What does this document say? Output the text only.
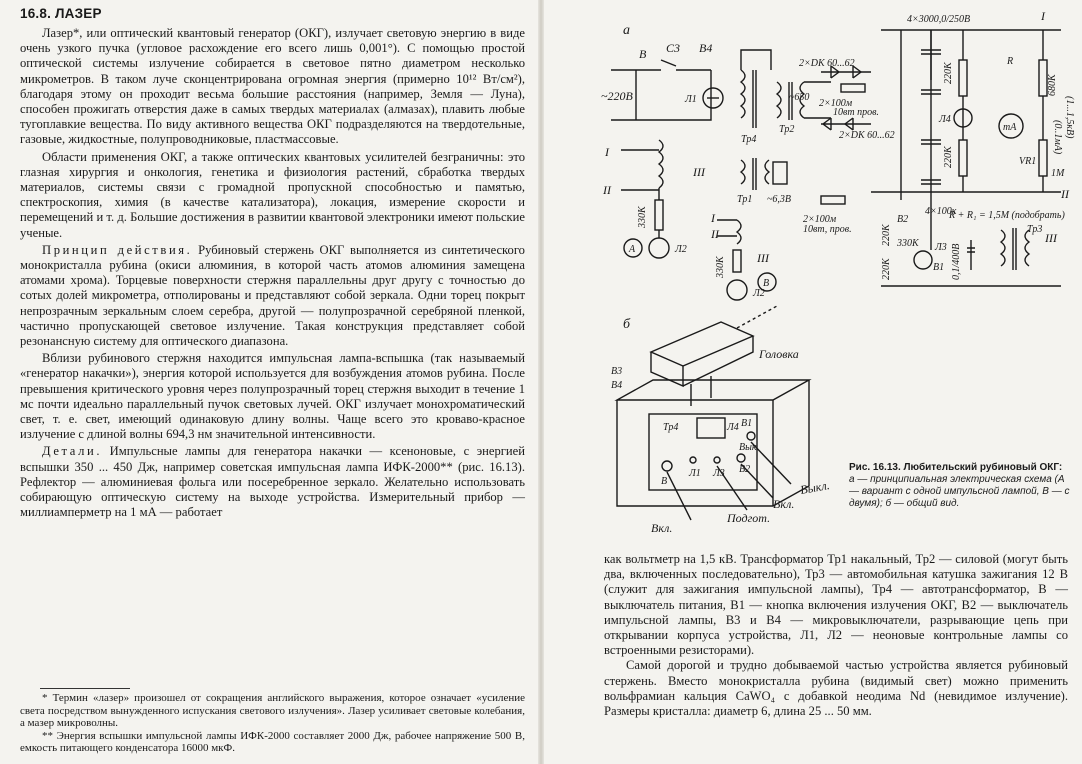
16.8. ЛАЗЕР

Лазер*, или оптический квантовый генератор (ОКГ), излучает световую энергию в виде очень узкого пучка (угловое расхождение его всего лишь 0,001°). С помощью простой оптической системы излучение собирается в световое пятно диаметром несколько микрометров. В таком луче сконцентрирована огромная энергия (примерно 10¹² Вт/см²), благодаря этому он проходит весьма большие расстояния (например, Земля — Луна), способен прожигать отверстия даже в самых твердых материалах (алмазах), плавить любые тугоплавкие вещества. По виду активного вещества ОКГ подразделяются на твердотельные, газовые, жидкостные, полупроводниковые, пластмассовые.

Области применения ОКГ, а также оптических квантовых усилителей безграничны: это глазная хирургия и онкология, генетика и физиология растений, сбработка твердых материалов, системы связи с громадной пропускной способностью и памятью, спектроскопия, химия (в качестве катализатора), локация, измерение скорости и перемещений и т. д. Большие достижения в развитии квантовой электроники имеют польские ученые.

Принцип действия. Рубиновый стержень ОКГ выполняется из синтетического монокристалла рубина (окиси алюминия, в которой часть атомов алюминия замещена атомами хрома). Торцевые поверхности стержня параллельны друг другу с точностью до сотых долей микрометра, отполированы и представляют собой зеркала. Одни торец покрыт непрозрачным зеркальным слоем серебра, другой — полупрозрачной серебряной пленкой, частично пропускающей световое излучение. Такая конструкция представляет собой резонансную систему для оптического диапазона.

Вблизи рубинового стержня находится импульсная лампа-вспышка (так называемый «генератор накачки»), энергия которой используется для возбуждения атомов рубина. После превышения критического уровня через полупрозрачный торец стержня выходит в течение 1 мс почти идеально параллельный пучок световых лучей. ОКГ излучает монохроматический свет, т. е. свет, имеющий одинаковую длину волны. Чаще всего это кроваво-красное излучение с длиной волны 694,3 нм значительной интенсивности.

Детали. Импульсные лампы для генератора накачки — ксеноновые, с энергией вспышки 350 ... 450 Дж, например советская импульсная лампа ИФК-2000** (рис. 16.13). Рефлектор — алюминиевая фольга или посеребренное зеркало. Желательно использовать собирающую оптическую систему на выходе устройства. Измерительный прибор — миллиамперметр на 1 мА — работает

* Термин «лазер» произошел от сокращения английского выражения, которое означает «усиление света посредством вынужденного испускания светового излучения». Лазер усиливает световые колебания, а мазер микроволны.

** Энергия вспышки импульсной лампы ИФК-2000 составляет 2000 Дж, рабочее напряжение 500 В, емкость питающего конденсатора 16000 мкФ.

а
~220В
В С3 В4
Л1
Тр4
Тр2
~650
2×DK 60...62
2×100м
10вт пров.
2×DK 60...62
Тр1 ~6,3В
2×100м
10вт, пров.
4×3000,0/250В	I
220К
220К
R
680К
Л4
mA	(0..1мА) (1...1,5кВ)
VR1
1М
II
4×100к
R + R₁ = 1,5М (подобрать)
220К
220К
В2
330К Л3
В1
Тр3
0,1/400В
III
I
II
III
330К
Л2
А
I
II
III
330К
Л2
В
б
Головка
В3
В4
Тр4	Л4 В1
Вык
Л1 Л3 В2
В
Вкл.
Подгот.
Вкл.
Выкл.
Рис. 16.13. Любительский рубиновый ОКГ:
а — принципиальная электрическая схема (А — вариант с одной импульсной лампой, В — с двумя); б — общий вид.

как вольтметр на 1,5 кВ. Трансформатор Тр1 накальный, Тр2 — силовой (могут быть два, включенных последовательно), Тр3 — автомобильная катушка зажигания 12 В (служит для зажигания импульсной лампы), Тр4 — автотрансформатор, В — выключатель питания, В1 — кнопка включения излучения ОКГ, В2 — выключатель импульсной лампы, В3 и В4 — микровыключатели, разрывающие цепь при открывании корпуса устройства, Л1, Л2 — неоновые контрольные лампы со встроенными резисторами).

Самой дорогой и трудно добываемой частью устройства является рубиновый стержень. Вместо монокристалла рубина (видимый свет) можно применить вольфрамиан кальция CaWO₄ с добавкой неодима Nd (невидимое излучение). Размеры кристалла: диаметр 6, длина 25 ... 50 мм.
